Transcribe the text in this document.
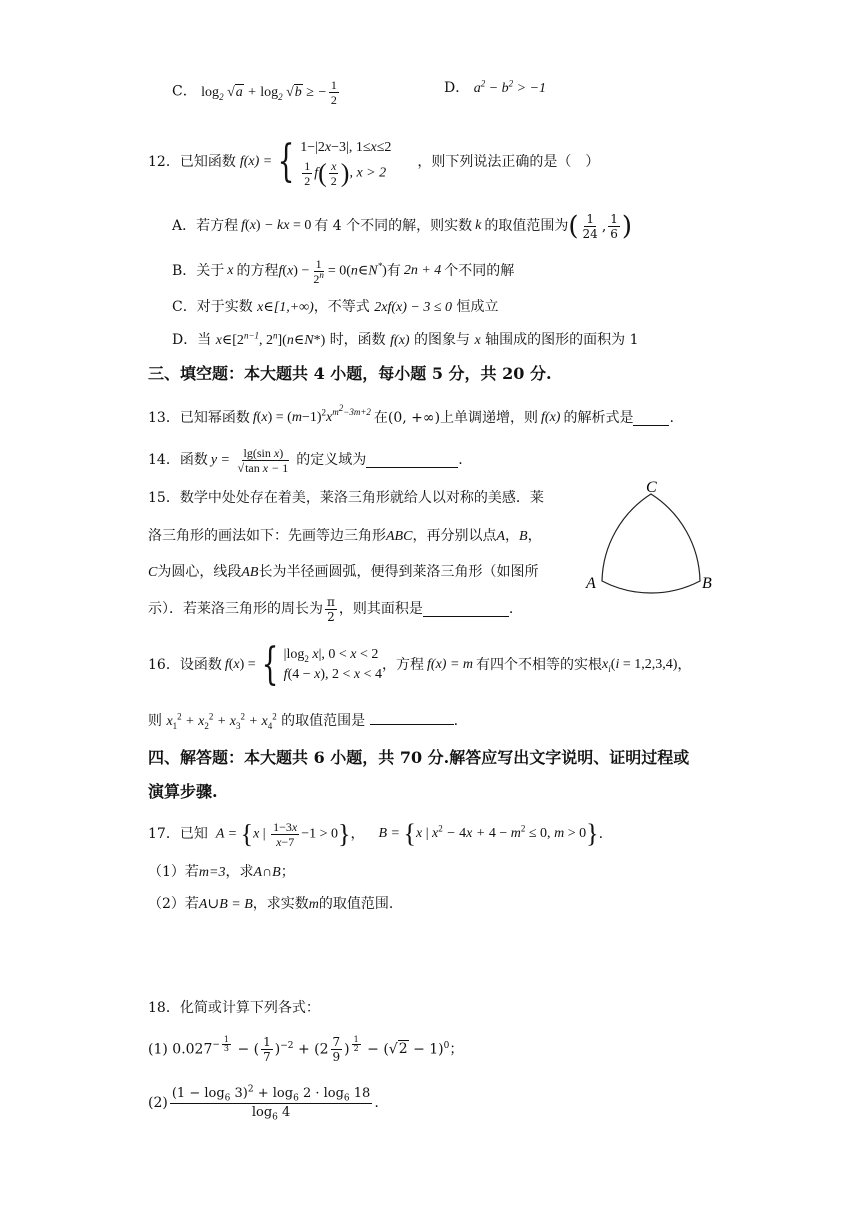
C． $\log_2 √a + \log_2 √b$ ≥ − $\frac{1}{2}$	D． $a^2 - b^2 > -1$
12．已知函数 f(x) = { 1−|2x−3|, 1≤x≤2
$\frac{1}{2} f( \frac{x}{2}$ ), x > 2
，则下列说法正确的是（　）
A．若方程 f(x) − kx = 0 有 4 个不同的解，则实数 k 的取值范围为 ( $\frac{1}{24}$ , $\frac{1}{6}$ )
B．关于 x 的方程 $f(x) - \frac{1}{2^n}$ = 0(n∈N*) 有 2n + 4 个不同的解
C．对于实数 x∈[1,+∞)，不等式 2xf(x) − 3 ≤ 0 恒成立
D．当 $x\in[2^{n-1}$, 2$^n$](n∈N*) 时，函数 f(x) 的图象与 x 轴围成的图形的面积为 1
三、填空题：本大题共 4 小题，每小题 5 分，共 20 分.
13．已知幂函数 $f(x) = (m-1)^2x^{m^2-3m+2}$ 在 (0, +∞) 上单调递增，则 f(x) 的解析式是	.
14．函数 $y = \frac{\text{lg(sin x)}}{\text{√tan x − 1}}$ 的定义域为	.
15．数学中处处存在着美，莱洛三角形就给人以对称的美感．莱
洛三角形的画法如下：先画等边三角形ABC，再分别以点A，B，
C为圆心，线段AB长为半径画圆弧，便得到莱洛三角形（如图所
示）．若莱洛三角形的周长为 $\frac{\pi}{2}$ ，则其面积是	.
C
A	B
16．设函数 f(x) = { $|\log_2$ x|, 0 < x < 2
f(4 − x), 2 < x < 4
，方程 f(x) = m 有四个不相等的实根 $x_i(i = 1,2,3,4)$ ，
则 $x_1^2 + x_2^2 + x_3^2 + x_4^2$ 的取值范围是	.
四、解答题：本大题共 6 小题，共 70 分.解答应写出文字说明、证明过程或
演算步骤.
17．已知 A = {x | $\frac{1-3x}{x-7} -1 > 0$} ， B = {x | $x^2 - 4x + 4 - m^2 \le 0$, m > 0} .
（1）若m=3，求A∩B；
（2）若A∪B = B，求实数m的取值范围.
18．化简或计算下列各式：
(1) $0.027^{- \frac{1}{3}}$ − ( $\frac{1}{7} )^{-2} + (2 \frac{7}{9}$ ) $^{\frac{1}{2}} - (√2 - 1)^0$；
$(2) \frac{(1 - \log_6 3)^2 + \log_6 2 \cdot \log_6 18}{\log_6 4}$ .
